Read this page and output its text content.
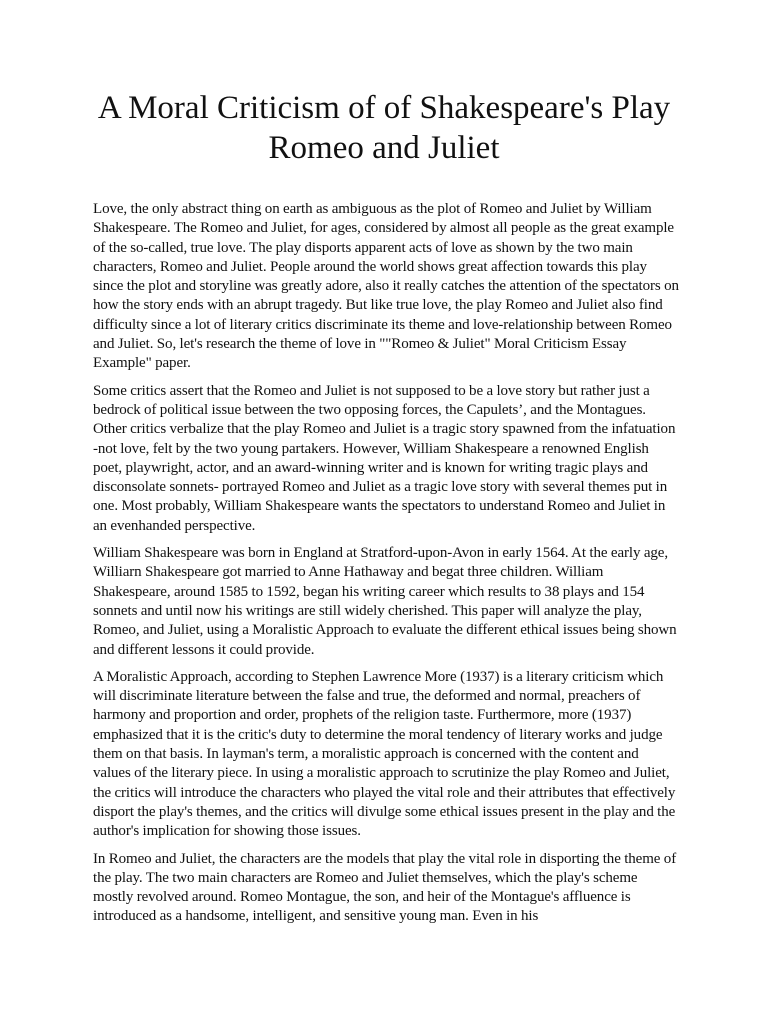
A Moral Criticism of of Shakespeare's Play Romeo and Juliet

Love, the only abstract thing on earth as ambiguous as the plot of Romeo and Juliet by William Shakespeare. The Romeo and Juliet, for ages, considered by almost all people as the great example of the so-called, true love. The play disports apparent acts of love as shown by the two main characters, Romeo and Juliet. People around the world shows great affection towards this play since the plot and storyline was greatly adore, also it really catches the attention of the spectators on how the story ends with an abrupt tragedy. But like true love, the play Romeo and Juliet also find difficulty since a lot of literary critics discriminate its theme and love-relationship between Romeo and Juliet. So, let's research the theme of love in ""Romeo & Juliet" Moral Criticism Essay Example" paper.

Some critics assert that the Romeo and Juliet is not supposed to be a love story but rather just a bedrock of political issue between the two opposing forces, the Capulets’, and the Montagues. Other critics verbalize that the play Romeo and Juliet is a tragic story spawned from the infatuation -not love, felt by the two young partakers. However, William Shakespeare a renowned English poet, playwright, actor, and an award-winning writer and is known for writing tragic plays and disconsolate sonnets- portrayed Romeo and Juliet as a tragic love story with several themes put in one. Most probably, William Shakespeare wants the spectators to understand Romeo and Juliet in an evenhanded perspective.

William Shakespeare was born in England at Stratford-upon-Avon in early 1564. At the early age, Williarn Shakespeare got married to Anne Hathaway and begat three children. William Shakespeare, around 1585 to 1592, began his writing career which results to 38 plays and 154 sonnets and until now his writings are still widely cherished. This paper will analyze the play, Romeo, and Juliet, using a Moralistic Approach to evaluate the different ethical issues being shown and different lessons it could provide.

A Moralistic Approach, according to Stephen Lawrence More (1937) is a literary criticism which will discriminate literature between the false and true, the deformed and normal, preachers of harmony and proportion and order, prophets of the religion taste. Furthermore, more (1937) emphasized that it is the critic's duty to determine the moral tendency of literary works and judge them on that basis. In layman's term, a moralistic approach is concerned with the content and values of the literary piece. In using a moralistic approach to scrutinize the play Romeo and Juliet, the critics will introduce the characters who played the vital role and their attributes that effectively disport the play's themes, and the critics will divulge some ethical issues present in the play and the author's implication for showing those issues.

In Romeo and Juliet, the characters are the models that play the vital role in disporting the theme of the play. The two main characters are Romeo and Juliet themselves, which the play's scheme mostly revolved around. Romeo Montague, the son, and heir of the Montague's affluence is introduced as a handsome, intelligent, and sensitive young man. Even in his
